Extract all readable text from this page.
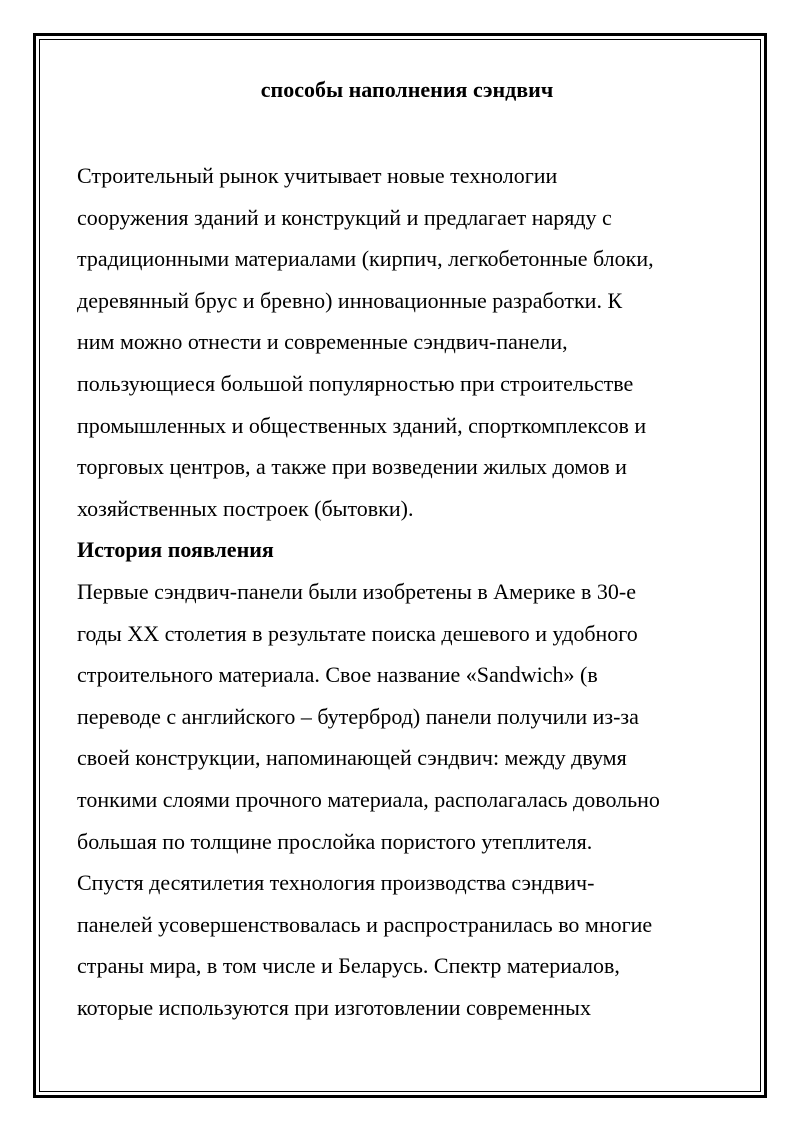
способы наполнения сэндвич
Строительный рынок учитывает новые технологии
сооружения зданий и конструкций и предлагает наряду с
традиционными материалами (кирпич, легкобетонные блоки,
деревянный брус и бревно) инновационные разработки. К
ним можно отнести и современные сэндвич-панели,
пользующиеся большой популярностью при строительстве
промышленных и общественных зданий, спорткомплексов и
торговых центров, а также при возведении жилых домов и
хозяйственных построек (бытовки).
История появления
Первые сэндвич-панели были изобретены в Америке в 30-е
годы XX столетия в результате поиска дешевого и удобного
строительного материала. Свое название «Sandwich» (в
переводе с английского – бутерброд) панели получили из-за
своей конструкции, напоминающей сэндвич: между двумя
тонкими слоями прочного материала, располагалась довольно
большая по толщине прослойка пористого утеплителя.
Спустя десятилетия технология производства сэндвич-
панелей усовершенствовалась и распространилась во многие
страны мира, в том числе и Беларусь. Спектр материалов,
которые используются при изготовлении современных
